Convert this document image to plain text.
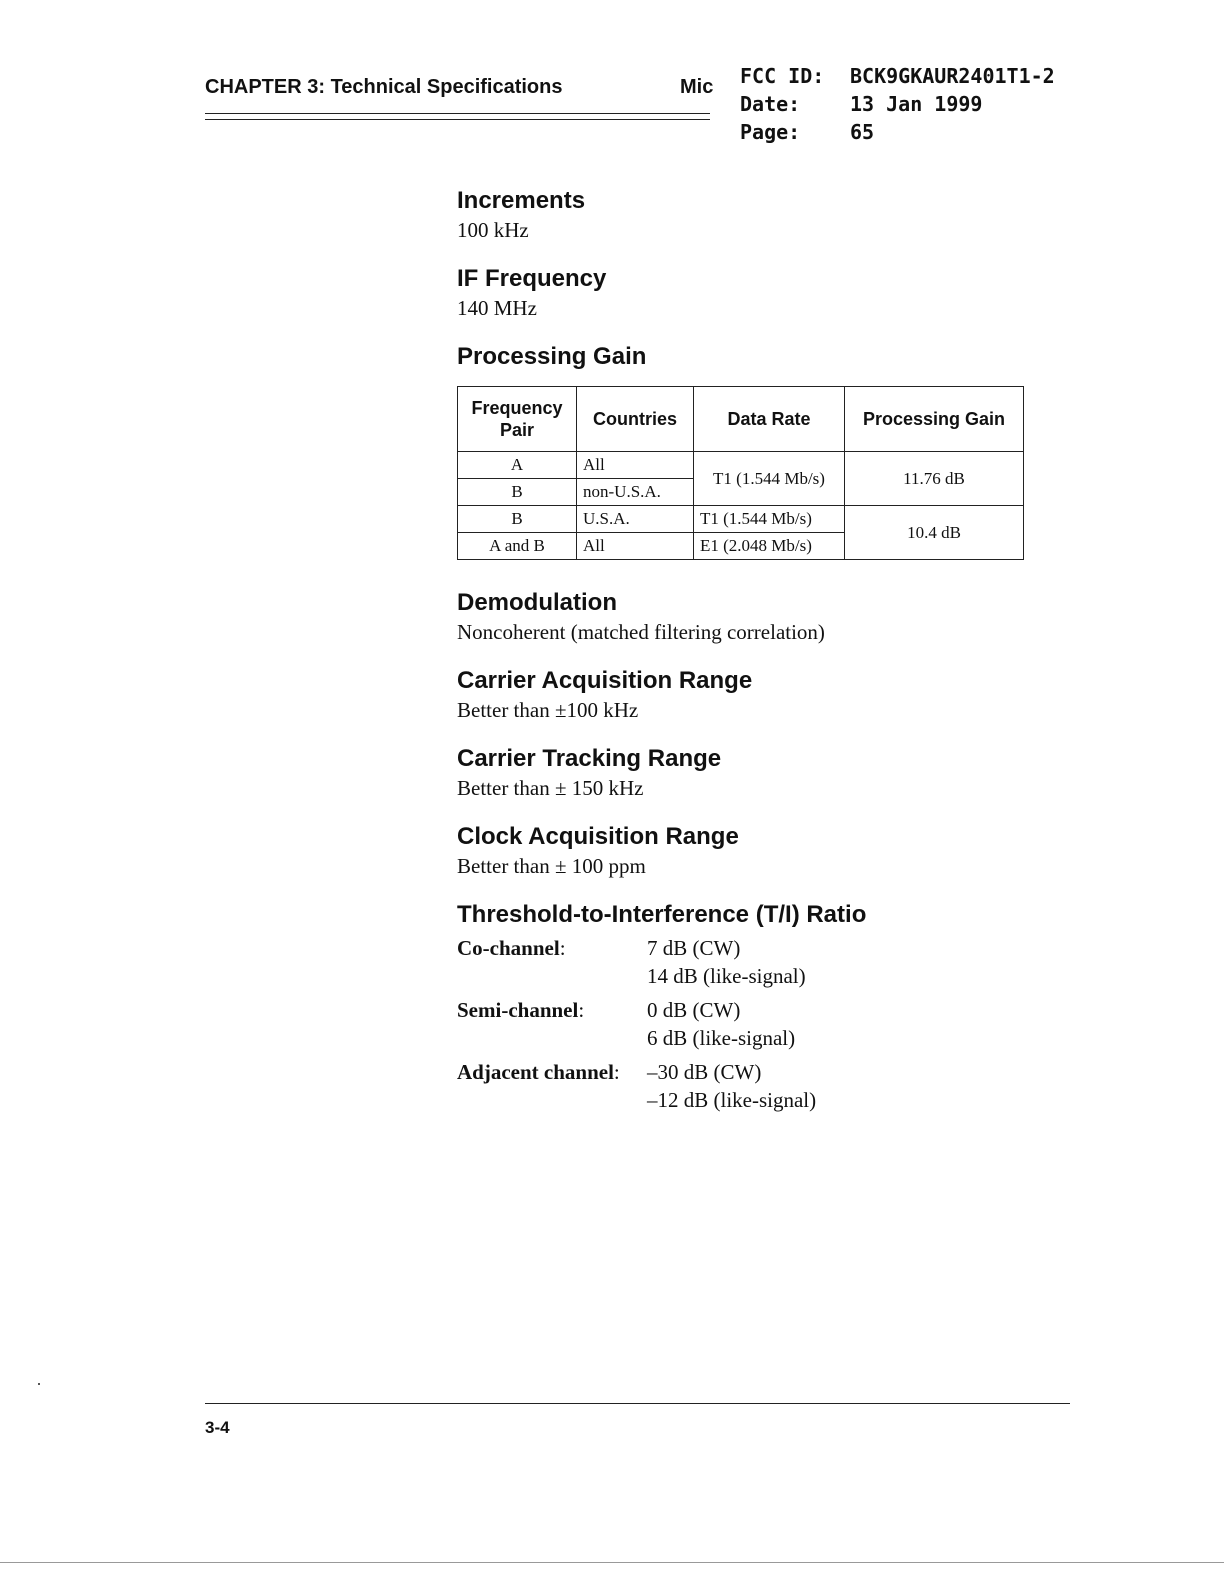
CHAPTER 3: Technical Specifications	Mic FCC ID: BCK9GKAUR2401T1-2
Date: 13 Jan 1999
Page: 65
Increments

100 kHz

IF Frequency

140 MHz

Processing Gain
Frequency Pair	Countries	Data Rate	Processing Gain
A	All	T1 (1.544 Mb/s)	11.76 dB
B	non-U.S.A.		
B	U.S.A.	T1 (1.544 Mb/s)	10.4 dB
A and B	All	E1 (2.048 Mb/s)	
Demodulation

Noncoherent (matched filtering correlation)

Carrier Acquisition Range

Better than ±100 kHz

Carrier Tracking Range

Better than ± 150 kHz

Clock Acquisition Range

Better than ± 100 ppm

Threshold-to-Interference (T/I) Ratio
Co-channel:	7 dB (CW)
14 dB (like-signal)
Semi-channel:	0 dB (CW)
6 dB (like-signal)
Adjacent channel:	–30 dB (CW)
–12 dB (like-signal)
3-4
